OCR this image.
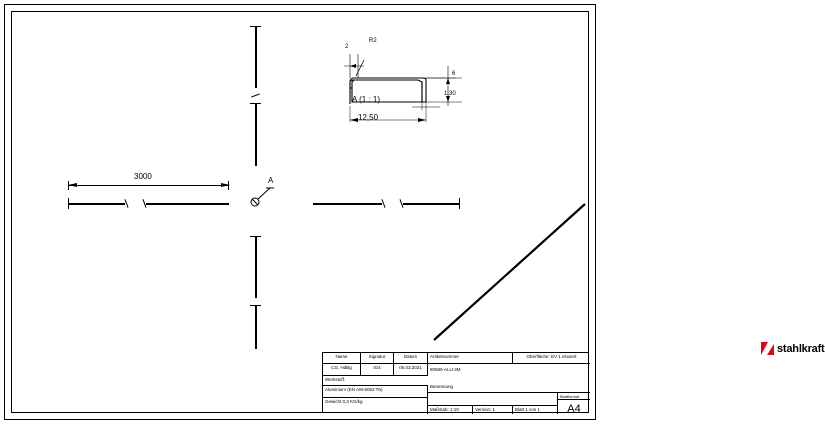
3000	A
2
R2
6
1,30
A (1 : 1)
12,50
Name	Signatur	Datum	Artikelnummer	Oberfläche: EV 1 eloxiert
CG, HdBg	IG4	05.03.2021	80580-ALU-3M
Werkstoff:
Benennung
Aluminium (EN AW-6063 T6)
stahlkraft
Blattformat
A4
Gewicht 0,3 KG/kg
Maßstab: 1:10	Version: 1	Blatt 1 von 1
